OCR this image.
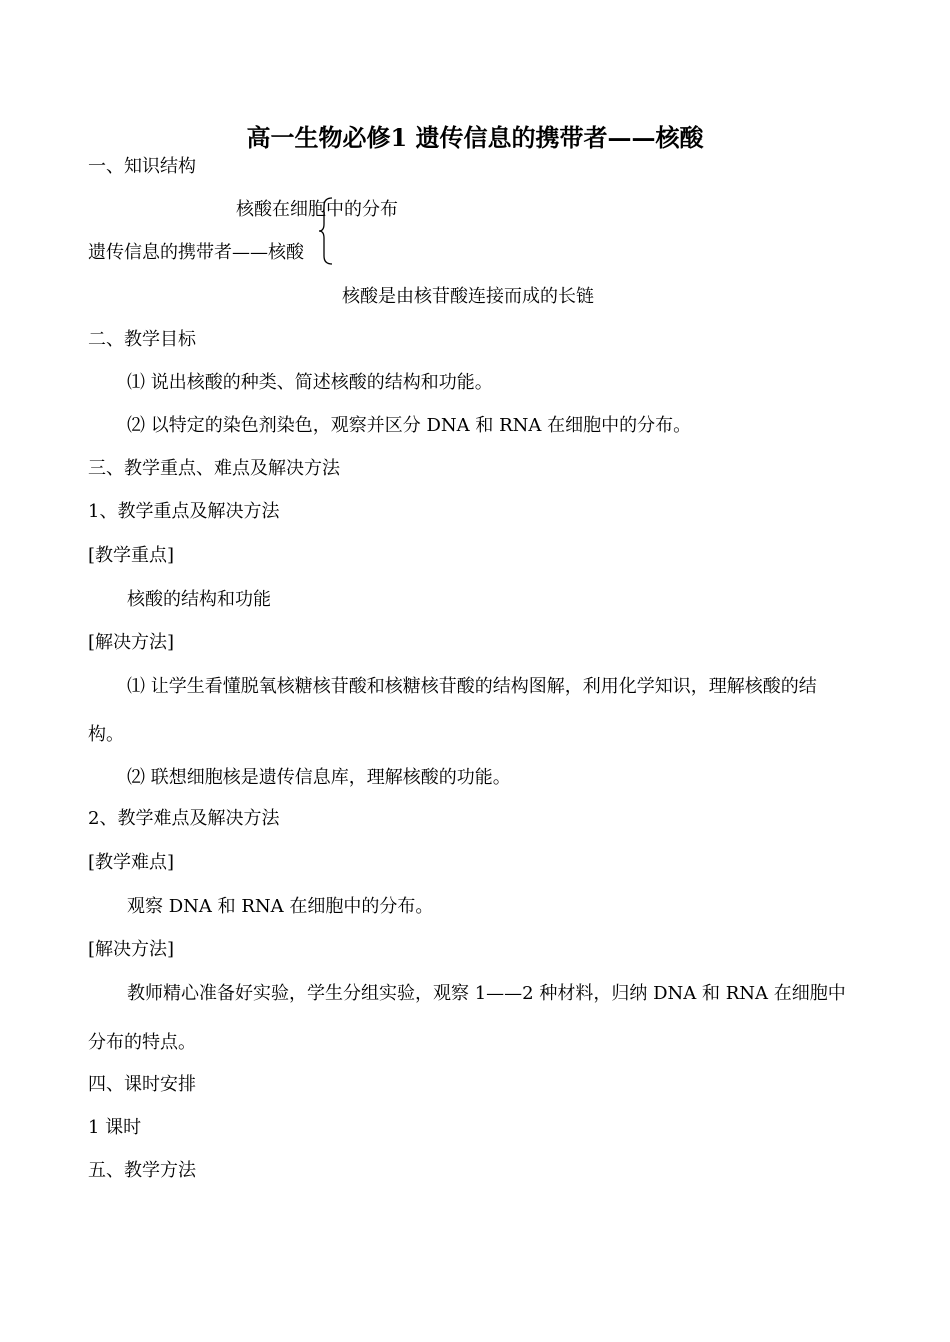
高一生物必修1 遗传信息的携带者——核酸
一、知识结构
核酸在细胞中的分布
遗传信息的携带者——核酸
核酸是由核苷酸连接而成的长链
二、教学目标
⑴ 说出核酸的种类、简述核酸的结构和功能。
⑵ 以特定的染色剂染色，观察并区分 DNA 和 RNA 在细胞中的分布。
三、教学重点、难点及解决方法
1、教学重点及解决方法
[教学重点]
核酸的结构和功能
[解决方法]
⑴ 让学生看懂脱氧核糖核苷酸和核糖核苷酸的结构图解，利用化学知识，理解核酸的结
构。
⑵ 联想细胞核是遗传信息库，理解核酸的功能。
2、教学难点及解决方法
[教学难点]
观察 DNA 和 RNA 在细胞中的分布。
[解决方法]
教师精心准备好实验，学生分组实验，观察 1——2 种材料，归纳 DNA 和 RNA 在细胞中
分布的特点。
四、课时安排
1 课时
五、教学方法
